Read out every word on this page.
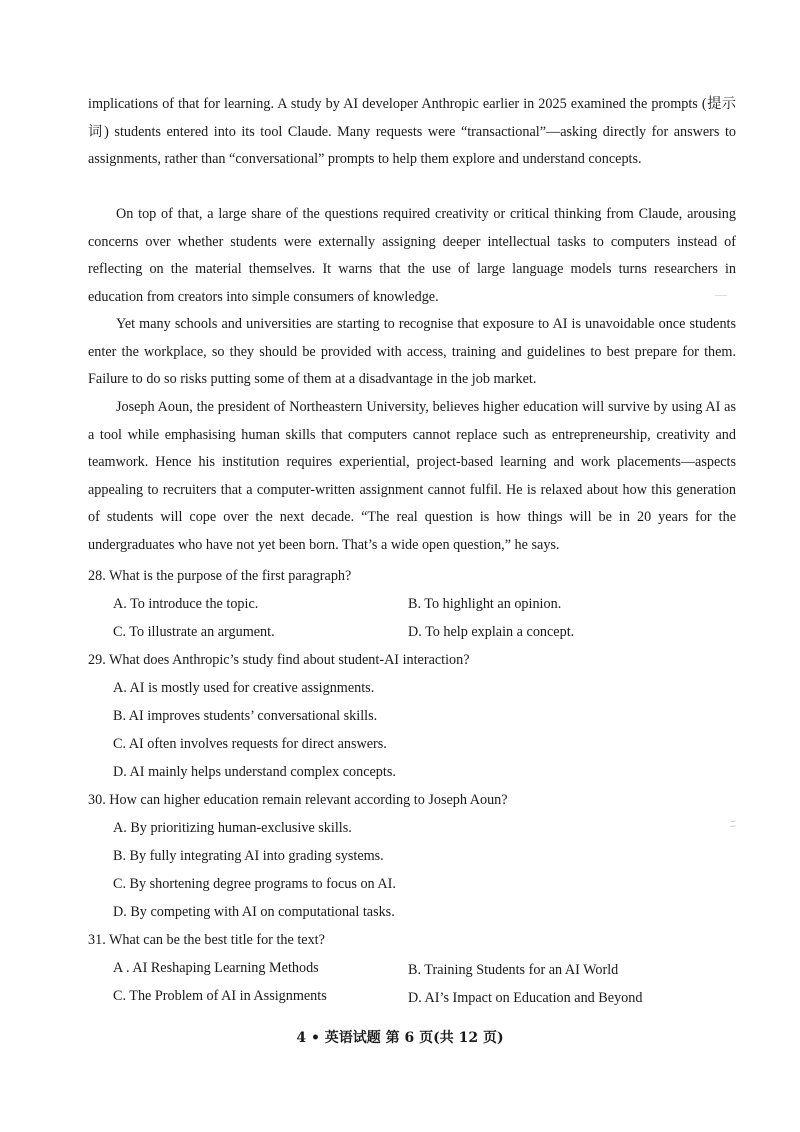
—
ﾆ

implications of that for learning. A study by AI developer Anthropic earlier in 2025 examined the prompts (提示词) students entered into its tool Claude. Many requests were “transactional”—asking directly for answers to assignments, rather than “conversational” prompts to help them explore and understand concepts.

On top of that, a large share of the questions required creativity or critical thinking from Claude, arousing concerns over whether students were externally assigning deeper intellectual tasks to computers instead of reflecting on the material themselves. It warns that the use of large language models turns researchers in education from creators into simple consumers of knowledge.

Yet many schools and universities are starting to recognise that exposure to AI is unavoidable once students enter the workplace, so they should be provided with access, training and guidelines to best prepare for them. Failure to do so risks putting some of them at a disadvantage in the job market.

Joseph Aoun, the president of Northeastern University, believes higher education will survive by using AI as a tool while emphasising human skills that computers cannot replace such as entrepreneurship, creativity and teamwork. Hence his institution requires experiential, project-based learning and work placements—aspects appealing to recruiters that a computer-written assignment cannot fulfil. He is relaxed about how this generation of students will cope over the next decade. “The real question is how things will be in 20 years for the undergraduates who have not yet been born. That’s a wide open question,” he says.

28. What is the purpose of the first paragraph?
A. To introduce the topic.	B. To highlight an opinion.
C. To illustrate an argument.	D. To help explain a concept.
29. What does Anthropic’s study find about student-AI interaction?
A. AI is mostly used for creative assignments.
B. AI improves students’ conversational skills.
C. AI often involves requests for direct answers.
D. AI mainly helps understand complex concepts.
30. How can higher education remain relevant according to Joseph Aoun?
A. By prioritizing human-exclusive skills.
B. By fully integrating AI into grading systems.
C. By shortening degree programs to focus on AI.
D. By competing with AI on computational tasks.
31. What can be the best title for the text?
A . AI Reshaping Learning Methods	B. Training Students for an AI World
C. The Problem of AI in Assignments	D. AI’s Impact on Education and Beyond
4 • 英语试题 第 6 页(共 12 页)
